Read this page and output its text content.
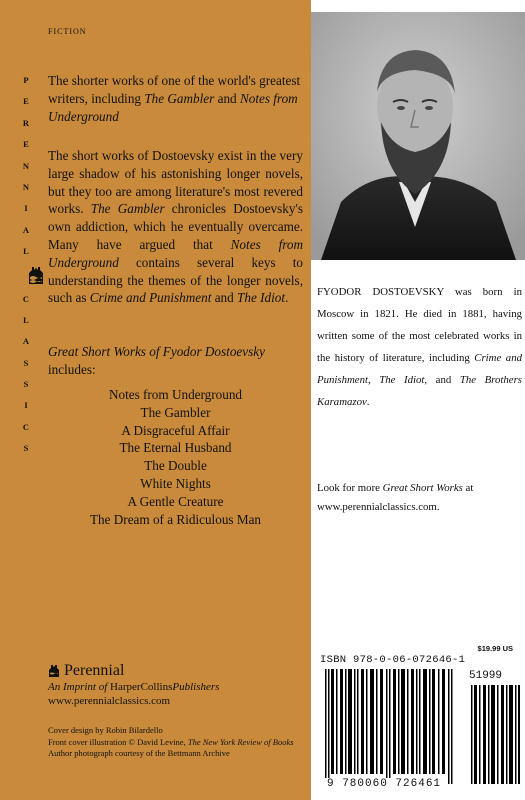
FICTION
P
E
R
E
N
N
I
A
L
C
L
A
S
S
I
C
S
The shorter works of one of the world's greatest writers, including The Gambler and Notes from Underground
The short works of Dostoevsky exist in the very large shadow of his astonishing longer novels, but they too are among literature's most revered works. The Gambler chronicles Dostoevsky's own addiction, which he eventually overcame. Many have argued that Notes from Underground contains several keys to understanding the themes of the longer novels, such as Crime and Punishment and The Idiot.
Great Short Works of Fyodor Dostoevsky
includes:
Notes from Underground
The Gambler
A Disgraceful Affair
The Eternal Husband
The Double
White Nights
A Gentle Creature
The Dream of a Ridiculous Man
Perennial
An Imprint of HarperCollinsPublishers
www.perennialclassics.com
Cover design by Robin Bilardello
Front cover illustration © David Levine, The New York Review of Books
Author photograph courtesy of the Bettmann Archive
FYODOR DOSTOEVSKY was born in Moscow in 1821. He died in 1881, having written some of the most celebrated works in the history of literature, including Crime and Punishment, The Idiot, and The Brothers Karamazov.
Look for more Great Short Works at
www.perennialclassics.com.
$19.99 US
ISBN 978-0-06-072646-1
51999
9 780060 726461
